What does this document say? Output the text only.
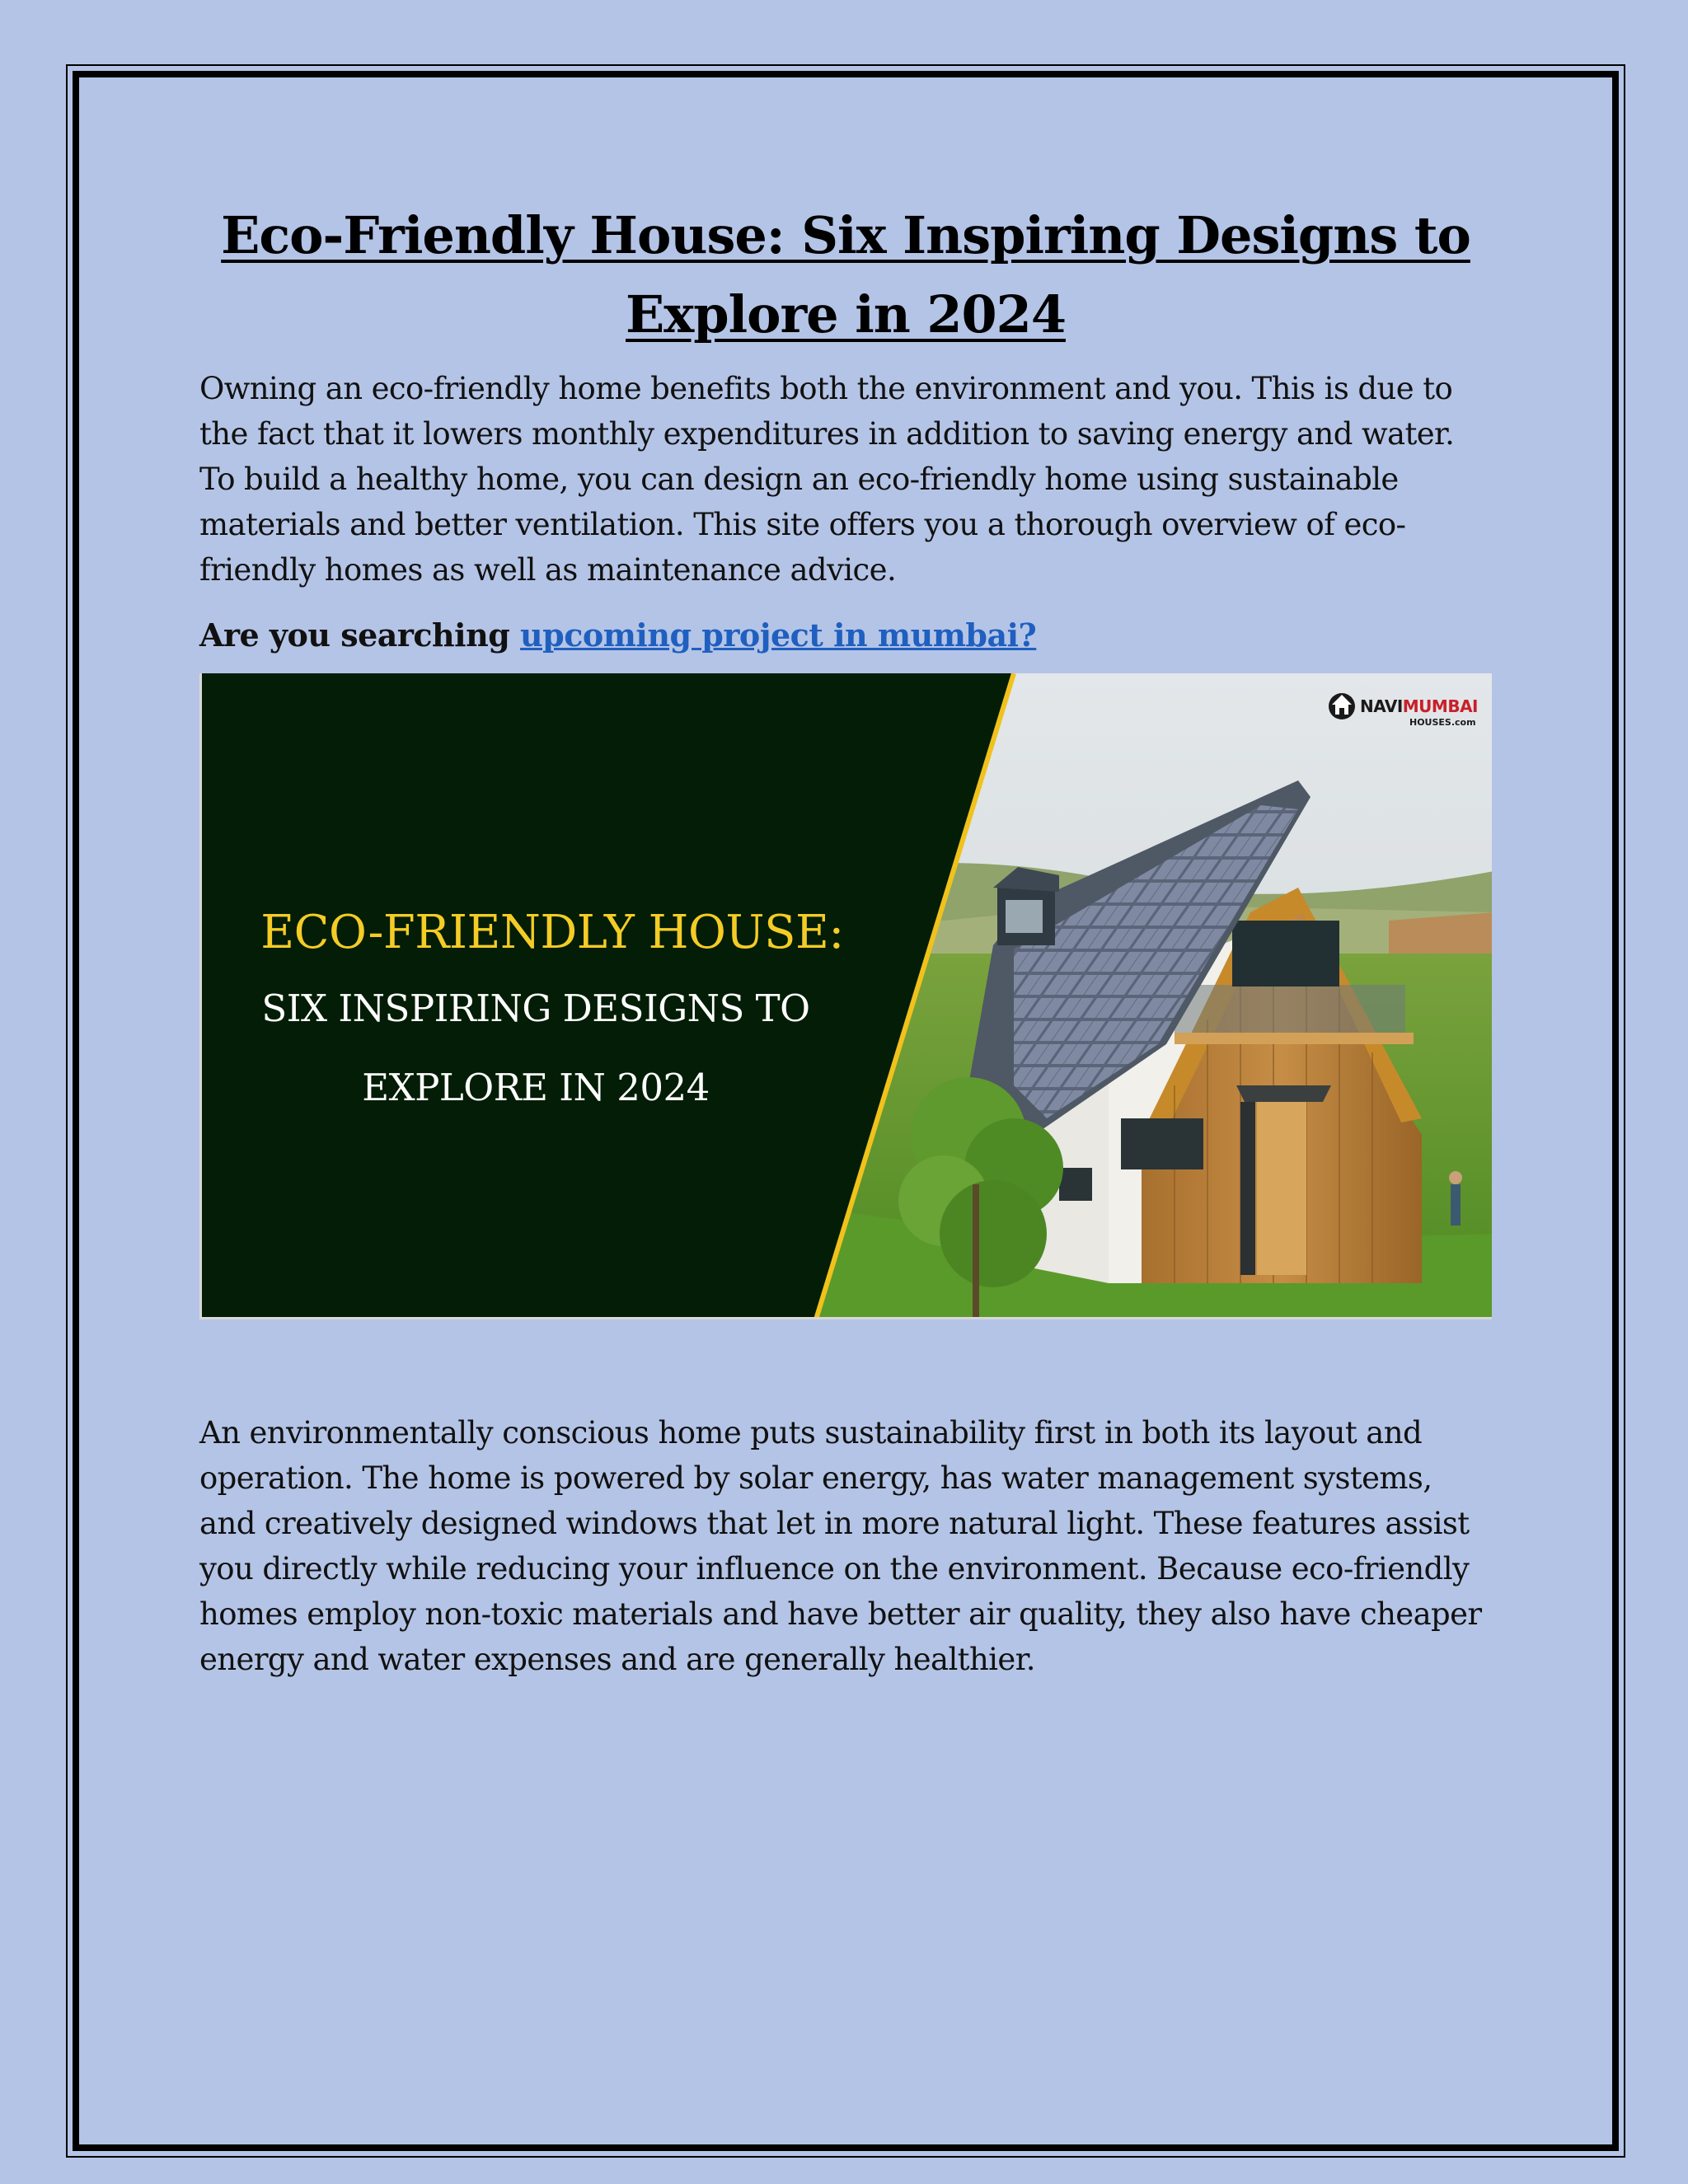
Eco-Friendly House: Six Inspiring Designs to Explore in 2024

Owning an eco-friendly home benefits both the environment and you. This is due to the fact that it lowers monthly expenditures in addition to saving energy and water. To build a healthy home, you can design an eco-friendly home using sustainable materials and better ventilation. This site offers you a thorough overview of eco-friendly homes as well as maintenance advice.

Are you searching upcoming project in mumbai?

ECO-FRIENDLY HOUSE:
SIX INSPIRING DESIGNS TO
EXPLORE IN 2024
NAVIMUMBAI
HOUSES.com

An environmentally conscious home puts sustainability first in both its layout and operation. The home is powered by solar energy, has water management systems, and creatively designed windows that let in more natural light. These features assist you directly while reducing your influence on the environment. Because eco-friendly homes employ non-toxic materials and have better air quality, they also have cheaper energy and water expenses and are generally healthier.
